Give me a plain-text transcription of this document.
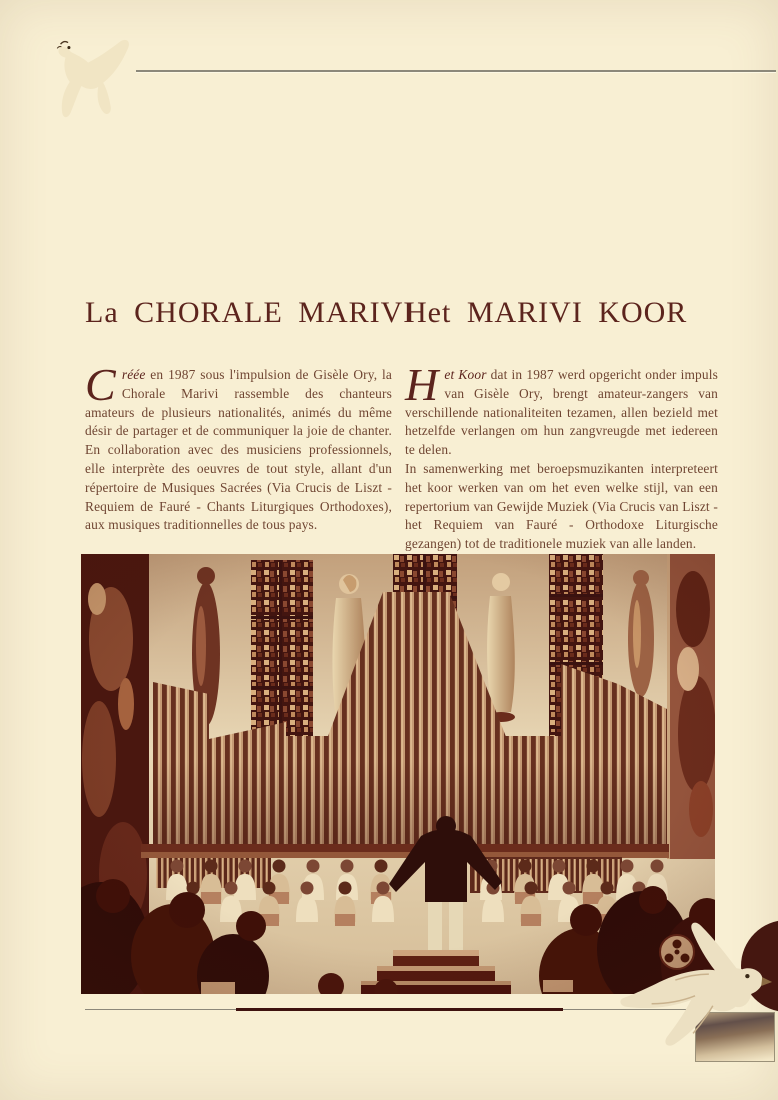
La CHORALE MARIVI
Het MARIVI KOOR

Créée en 1987 sous l'impulsion de Gisèle Ory, la Chorale Marivi rassemble des chanteurs amateurs de plusieurs nationalités, animés du même désir de partager et de communiquer la joie de chanter. En collaboration avec des musiciens professionnels, elle interprète des oeuvres de tout style, allant d'un répertoire de Musiques Sacrées (Via Crucis de Liszt - Requiem de Fauré - Chants Liturgiques Orthodoxes), aux musiques traditionnelles de tous pays.

Het Koor dat in 1987 werd opgericht onder impuls van Gisèle Ory, brengt amateur-zangers van verschillende nationaliteiten tezamen, allen bezield met hetzelfde verlangen om hun zangvreugde met iedereen te delen.

In samenwerking met beroepsmuzikanten interpreteert het koor werken van om het even welke stijl, van een repertorium van Gewijde Muziek (Via Crucis van Liszt - het Requiem van Fauré - Orthodoxe Liturgische gezangen) tot de traditionele muziek van alle landen.
